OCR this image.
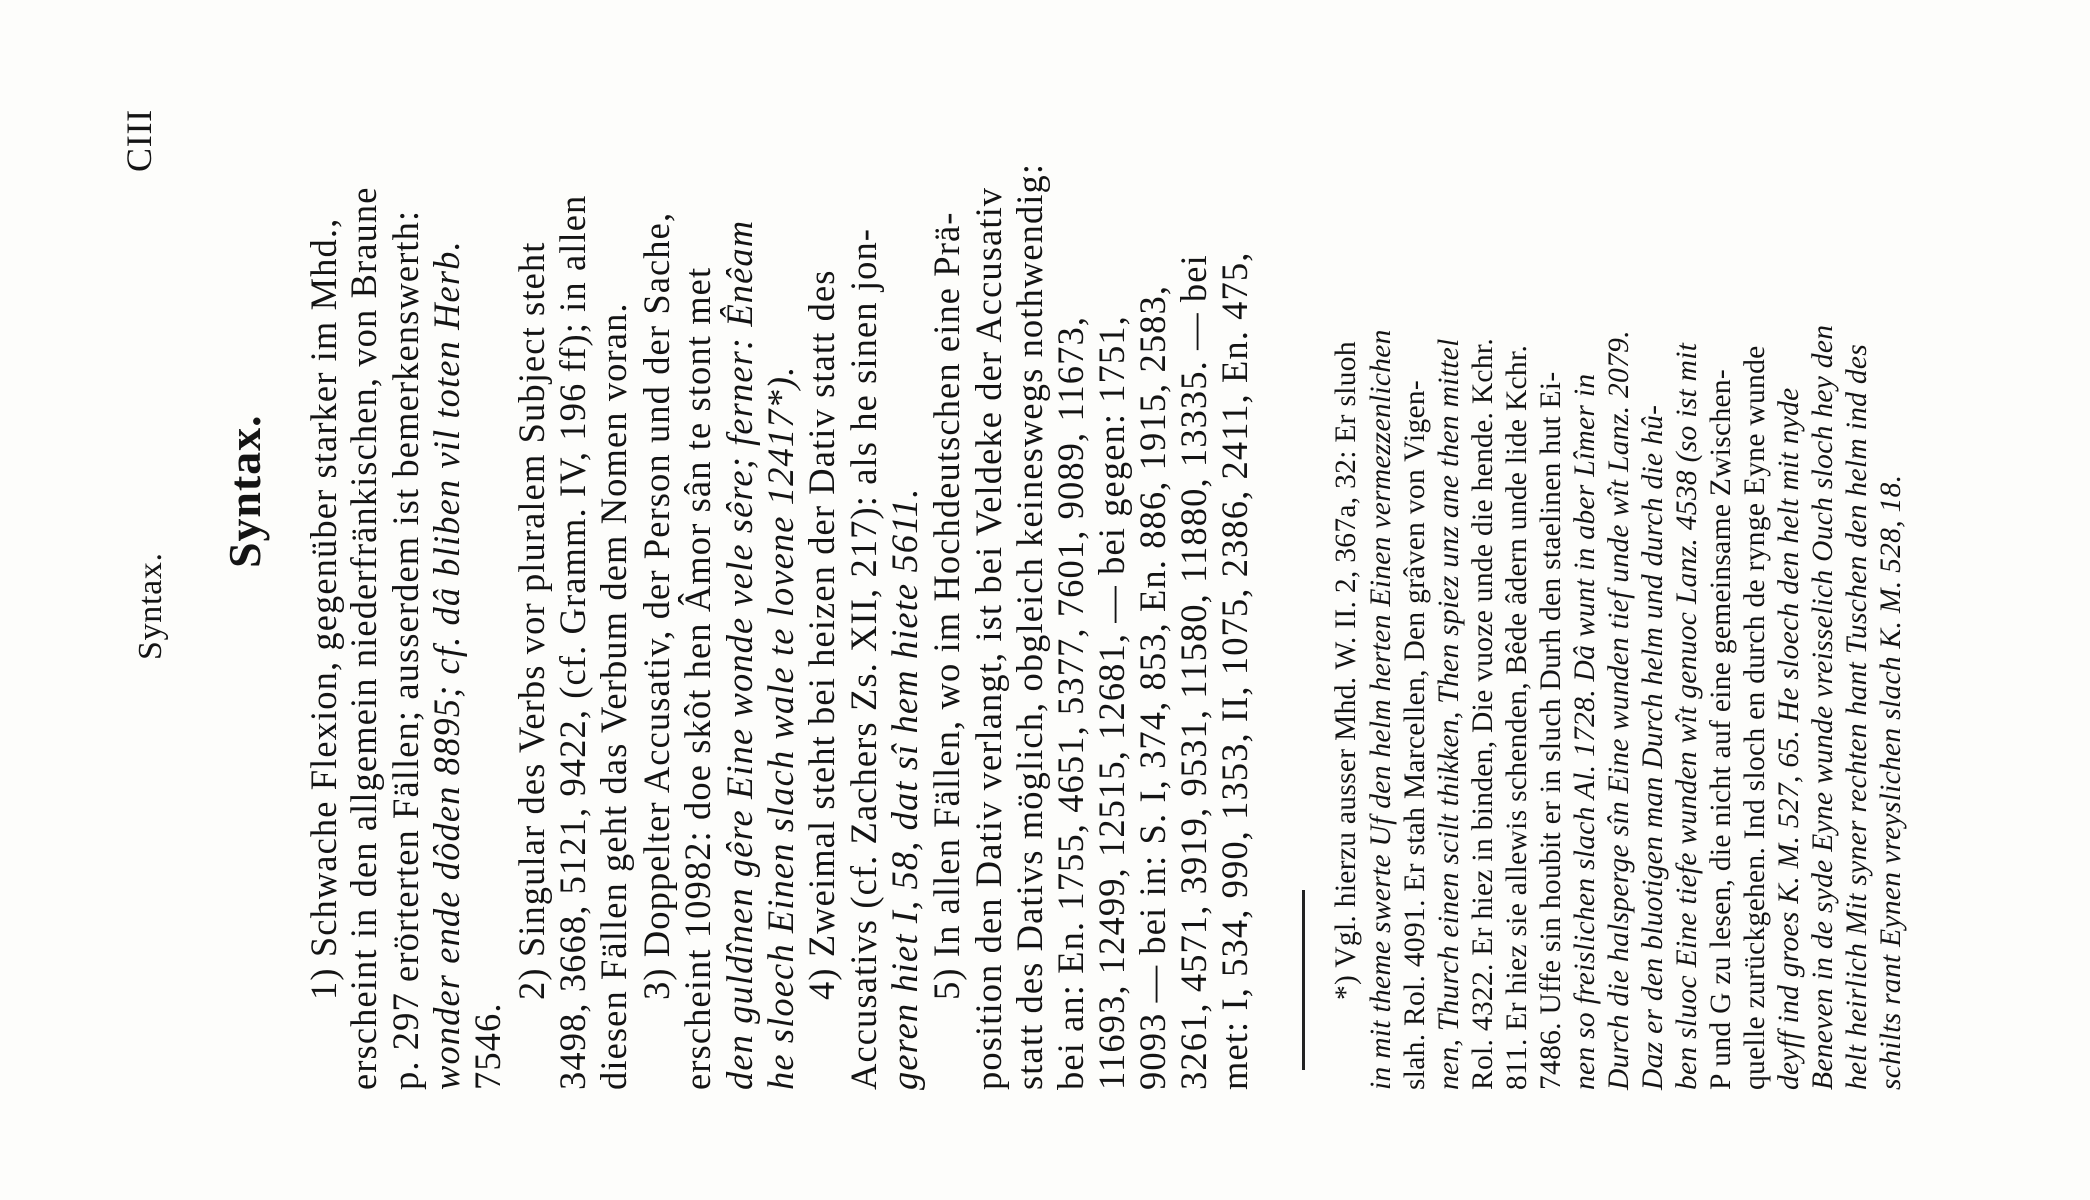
Syntax.
CIII
Syntax. 1) Schwache Flexion, gegenüber starker im Mhd., erscheint in den allgemein niederfränkischen, von Braune p. 297 erörterten Fällen; ausserdem ist bemerkenswerth: wonder ende dôden 8895; cf. dâ bliben vil toten Herb. 7546.
2) Singular des Verbs vor pluralem Subject steht 3498, 3668, 5121, 9422, (cf. Gramm. IV, 196 ff); in allen diesen Fällen geht das Verbum dem Nomen voran. 3) Doppelter Accusativ, der Person und der Sache, erscheint 10982: doe skôt hen Âmor sân te stont met den guldînen gêre Eine wonde vele sêre; ferner: Ênêam he sloech Einen slach wale te lovene 12417*). 4) Zweimal steht bei heizen der Dativ statt des Accusativs (cf. Zachers Zs. XII, 217): als he sinen jon- geren hiet I, 58, dat sî hem hiete 5611. 5) In allen Fällen, wo im Hochdeutschen eine Prä- position den Dativ verlangt, ist bei Veldeke der Accusativ statt des Dativs möglich, obgleich keineswegs nothwendig: bei an: En. 1755, 4651, 5377, 7601, 9089, 11673, 11693, 12499, 12515, 12681, — bei gegen: 1751, 9093 — bei in: S. I, 374, 853, En. 886, 1915, 2583, 3261, 4571, 3919, 9531, 11580, 11880, 13335. — bei met: I, 534, 990, 1353, II, 1075, 2386, 2411, En. 475,	*) Vgl. hierzu ausser Mhd. W. II. 2, 367a, 32: Er sluoh in mit theme swerte Uf den helm herten Einen vermezzenlichen slah. Rol. 4091. Er stah Marcellen, Den grâven von Vigen- nen, Thurch einen scilt thikken, Then spiez unz ane then mittel Rol. 4322. Er hiez in binden, Die vuoze unde die hende. Kchr. 811. Er hiez sie allewis schenden, Bêde âdern unde lide Kchr. 7486. Uffe sin houbit er in sluch Durh den staelinen hut Ei- nen so freislichen slach Al. 1728. Dâ wunt in aber Lîmer in Durch die halsperge sîn Eine wunden tief unde wît Lanz. 2079. Daz er den bluotigen man Durch helm und durch die hû- ben sluoc Eine tiefe wunden wît genuoc Lanz. 4538 (so ist mit P und G zu lesen, die nicht auf eine gemeinsame Zwischen- quelle zurückgehen. Ind sloch en durch de rynge Eyne wunde deyff ind groes K. M. 527, 65. He sloech den helt mit nyde Beneven in de syde Eyne wunde vreisselich Ouch sloch hey den helt heirlich Mit syner rechten hant Tuschen den helm ind des schilts rant Eynen vreyslichen slach K. M. 528, 18.
